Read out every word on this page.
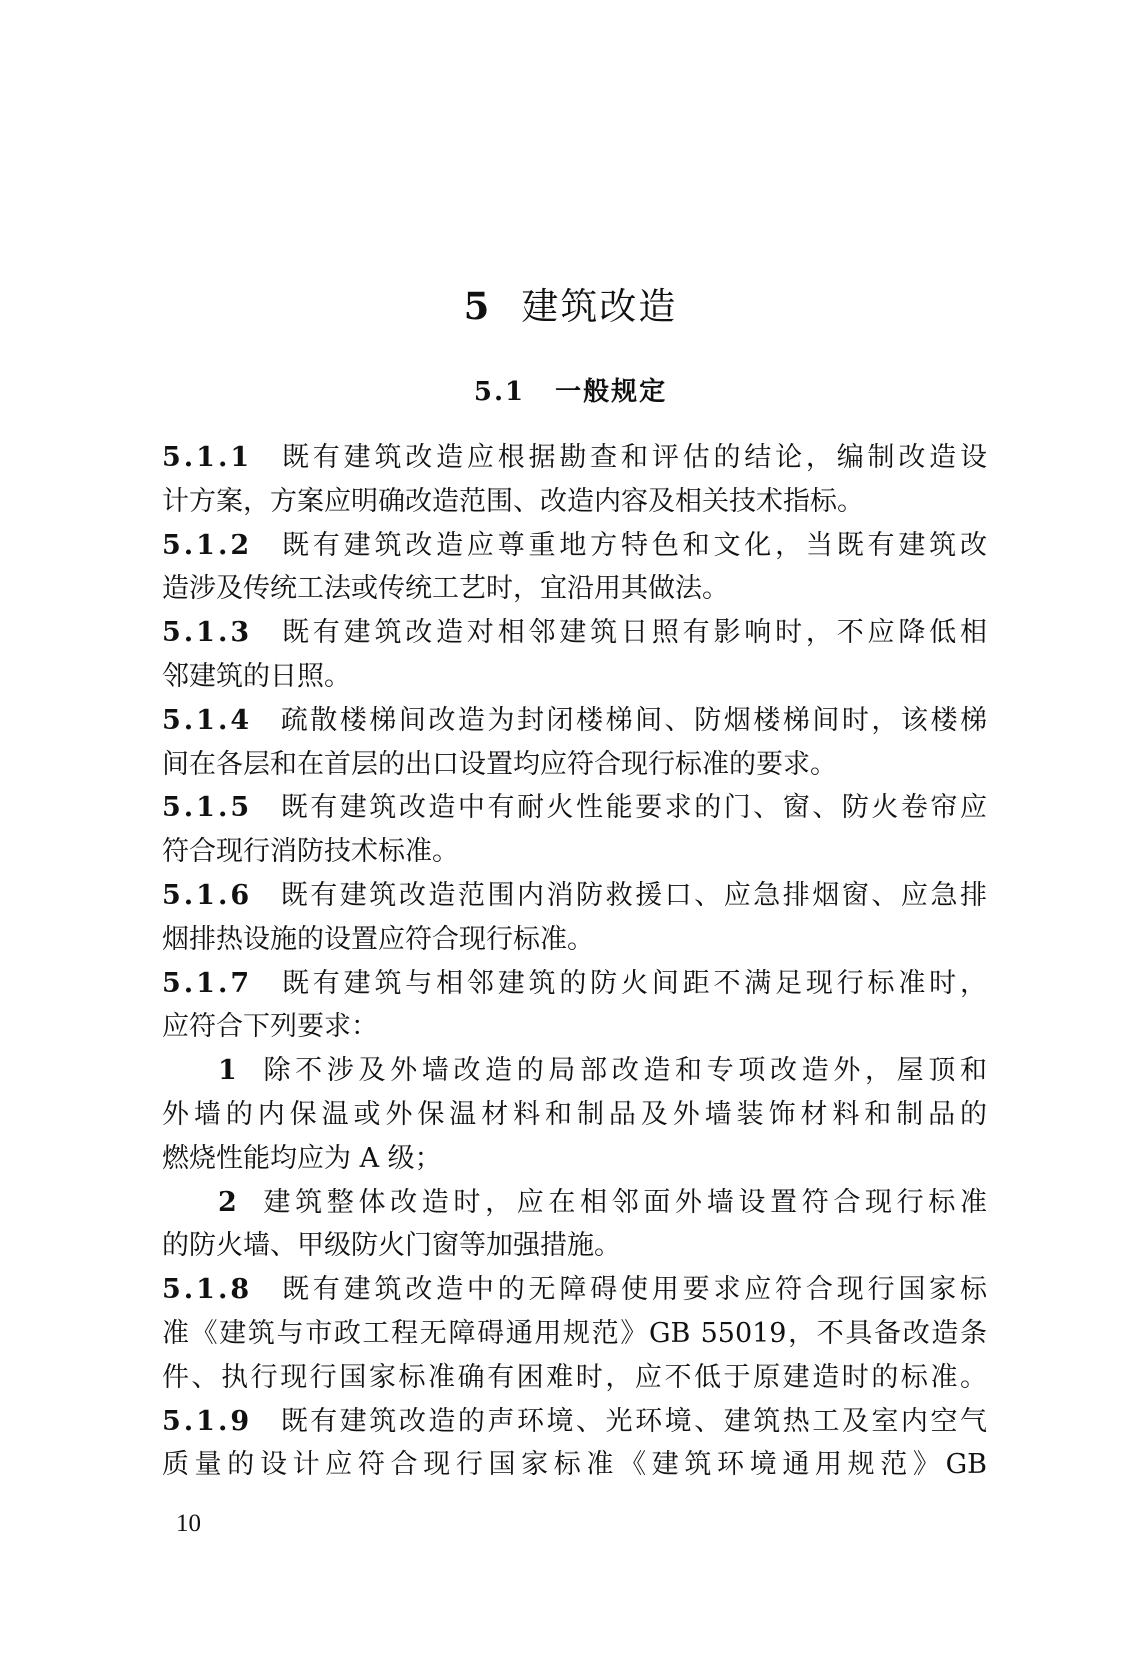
5 建筑改造
5.1 一般规定
5.1.1 既有建筑改造应根据勘查和评估的结论，编制改造设
计方案，方案应明确改造范围、改造内容及相关技术指标。
5.1.2 既有建筑改造应尊重地方特色和文化，当既有建筑改
造涉及传统工法或传统工艺时，宜沿用其做法。
5.1.3 既有建筑改造对相邻建筑日照有影响时，不应降低相
邻建筑的日照。
5.1.4 疏散楼梯间改造为封闭楼梯间、防烟楼梯间时，该楼梯
间在各层和在首层的出口设置均应符合现行标准的要求。
5.1.5 既有建筑改造中有耐火性能要求的门、窗、防火卷帘应
符合现行消防技术标准。
5.1.6 既有建筑改造范围内消防救援口、应急排烟窗、应急排
烟排热设施的设置应符合现行标准。
5.1.7 既有建筑与相邻建筑的防火间距不满足现行标准时，
应符合下列要求：
1 除不涉及外墙改造的局部改造和专项改造外，屋顶和
外墙的内保温或外保温材料和制品及外墙装饰材料和制品的
燃烧性能均应为 A 级；
2 建筑整体改造时，应在相邻面外墙设置符合现行标准
的防火墙、甲级防火门窗等加强措施。
5.1.8 既有建筑改造中的无障碍使用要求应符合现行国家标
准《建筑与市政工程无障碍通用规范》GB 55019，不具备改造条
件、执行现行国家标准确有困难时，应不低于原建造时的标准。
5.1.9 既有建筑改造的声环境、光环境、建筑热工及室内空气
质量的设计应符合现行国家标准《建筑环境通用规范》GB
10
